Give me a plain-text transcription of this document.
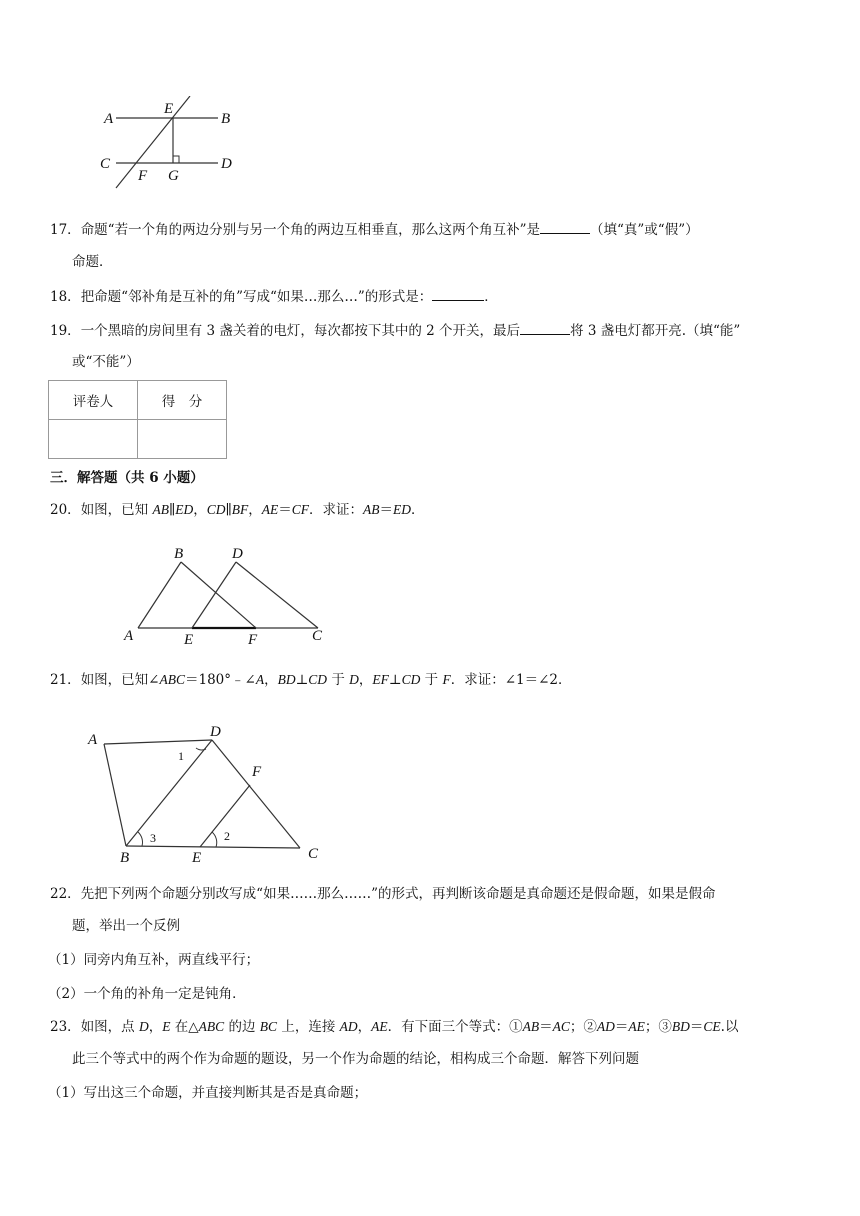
A	B
C	D
E
F G
17．命题“若一个角的两边分别与另一个角的两边互相垂直，那么这两个角互补”是	（填“真”或“假”）
命题．
18．把命题“邻补角是互补的角”写成“如果…那么…”的形式是：	．
19．一个黑暗的房间里有 3 盏关着的电灯，每次都按下其中的 2 个开关，最后	将 3 盏电灯都开亮.（填“能”
或“不能”）
评卷人	得　分

三．解答题（共 6 小题）
20．如图，已知 AB∥ED，CD∥BF，AE＝CF．求证：AB＝ED．
B	D
A	E	F	C
21．如图，已知∠ABC＝180°﹣∠A，BD⊥CD 于 D，EF⊥CD 于 F．求证：∠1＝∠2．
A	D
F
B	E	C
1
2
3
22．先把下列两个命题分别改写成“如果……那么……”的形式，再判断该命题是真命题还是假命题，如果是假命
题，举出一个反例
（1）同旁内角互补，两直线平行；
（2）一个角的补角一定是钝角．
23．如图，点 D，E 在△ABC 的边 BC 上，连接 AD，AE．有下面三个等式：①AB＝AC；②AD＝AE；③BD＝CE.以
此三个等式中的两个作为命题的题设，另一个作为命题的结论，相构成三个命题．解答下列问题
（1）写出这三个命题，并直接判断其是否是真命题；
